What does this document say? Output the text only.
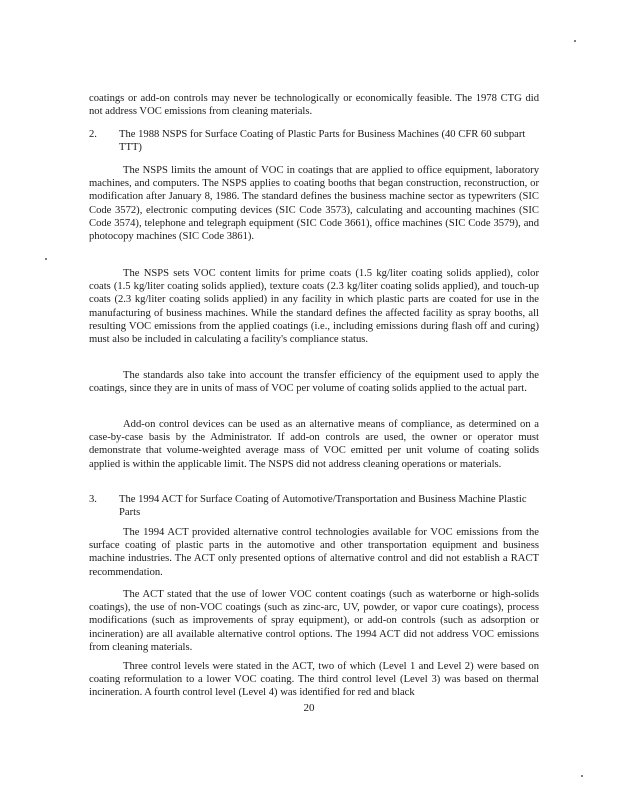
coatings or add-on controls may never be technologically or economically feasible. The 1978 CTG did not address VOC emissions from cleaning materials.

2.	The 1988 NSPS for Surface Coating of Plastic Parts for Business Machines (40 CFR 60 subpart TTT)

The NSPS limits the amount of VOC in coatings that are applied to office equipment, laboratory machines, and computers. The NSPS applies to coating booths that began construction, reconstruction, or modification after January 8, 1986. The standard defines the business machine sector as typewriters (SIC Code 3572), electronic computing devices (SIC Code 3573), calculating and accounting machines (SIC Code 3574), telephone and telegraph equipment (SIC Code 3661), office machines (SIC Code 3579), and photocopy machines (SIC Code 3861).

The NSPS sets VOC content limits for prime coats (1.5 kg/liter coating solids applied), color coats (1.5 kg/liter coating solids applied), texture coats (2.3 kg/liter coating solids applied), and touch-up coats (2.3 kg/liter coating solids applied) in any facility in which plastic parts are coated for use in the manufacturing of business machines. While the standard defines the affected facility as spray booths, all resulting VOC emissions from the applied coatings (i.e., including emissions during flash off and curing) must also be included in calculating a facility's compliance status.

The standards also take into account the transfer efficiency of the equipment used to apply the coatings, since they are in units of mass of VOC per volume of coating solids applied to the actual part.

Add-on control devices can be used as an alternative means of compliance, as determined on a case-by-case basis by the Administrator. If add-on controls are used, the owner or operator must demonstrate that volume-weighted average mass of VOC emitted per unit volume of coating solids applied is within the applicable limit. The NSPS did not address cleaning operations or materials.

3.	The 1994 ACT for Surface Coating of Automotive/Transportation and Business Machine Plastic Parts

The 1994 ACT provided alternative control technologies available for VOC emissions from the surface coating of plastic parts in the automotive and other transportation equipment and business machine industries. The ACT only presented options of alternative control and did not establish a RACT recommendation.

The ACT stated that the use of lower VOC content coatings (such as waterborne or high-solids coatings), the use of non-VOC coatings (such as zinc-arc, UV, powder, or vapor cure coatings), process modifications (such as improvements of spray equipment), or add-on controls (such as adsorption or incineration) are all available alternative control options. The 1994 ACT did not address VOC emissions from cleaning materials.

Three control levels were stated in the ACT, two of which (Level 1 and Level 2) were based on coating reformulation to a lower VOC coating. The third control level (Level 3) was based on thermal incineration. A fourth control level (Level 4) was identified for red and black

20
